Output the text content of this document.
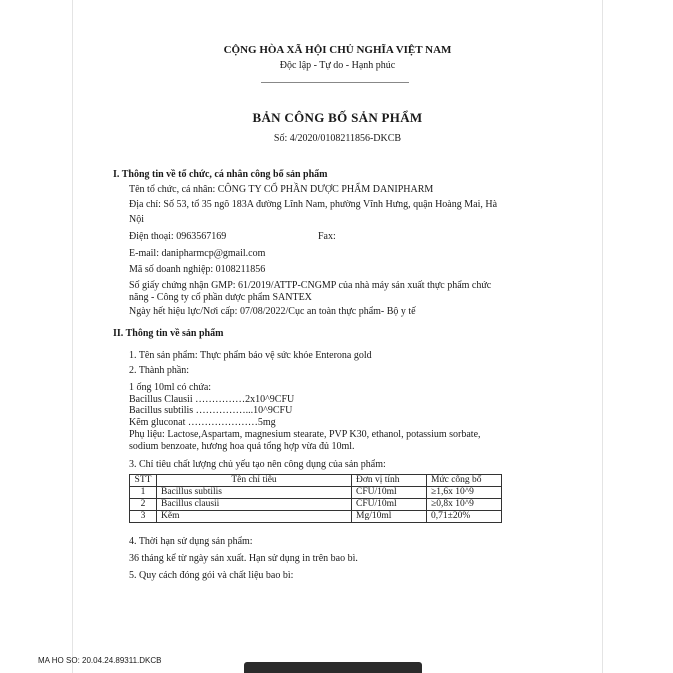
CỘNG HÒA XÃ HỘI CHỦ NGHĨA VIỆT NAM
Độc lập - Tự do - Hạnh phúc
BẢN CÔNG BỐ SẢN PHẨM
Số: 4/2020/0108211856-DKCB
I. Thông tin về tổ chức, cá nhân công bố sản phẩm
Tên tổ chức, cá nhân: CÔNG TY CỔ PHẦN DƯỢC PHẨM DANIPHARM
Địa chỉ: Số 53, tổ 35 ngõ 183A đường Lĩnh Nam, phường Vĩnh Hưng, quận Hoàng Mai, Hà
Nội
Điện thoại: 0963567169	Fax:
E-mail: danipharmcp@gmail.com
Mã số doanh nghiệp: 0108211856
Số giấy chứng nhận GMP: 61/2019/ATTP-CNGMP của nhà máy sản xuất thực phẩm chức
năng - Công ty cổ phần dược phẩm SANTEX
Ngày hết hiệu lực/Nơi cấp: 07/08/2022/Cục an toàn thực phẩm- Bộ y tế
II. Thông tin về sản phẩm
1. Tên sản phẩm: Thực phẩm bảo vệ sức khỏe Enterona gold
2. Thành phần:
1 ống 10ml có chứa:
Bacillus Clausii ……………2x10^9CFU
Bacillus subtilis ……………...10^9CFU
Kẽm gluconat …………………5mg
Phụ liệu: Lactose,Aspartam, magnesium stearate, PVP K30, ethanol, potassium sorbate,
sodium benzoate, hương hoa quả tổng hợp vừa đủ 10ml.
3. Chỉ tiêu chất lượng chủ yếu tạo nên công dụng của sản phẩm:
STT	Tên chỉ tiêu	Đơn vị tính	Mức công bố
1	Bacillus subtilis	CFU/10ml	≥1,6x 10^9
2	Bacillus clausii	CFU/10ml	≥0,8x 10^9
3	Kẽm	Mg/10ml	0,71±20%
4. Thời hạn sử dụng sản phẩm:
36 tháng kể từ ngày sản xuất. Hạn sử dụng in trên bao bì.
5. Quy cách đóng gói và chất liệu bao bì:
MA HO SO: 20.04.24.89311.DKCB
